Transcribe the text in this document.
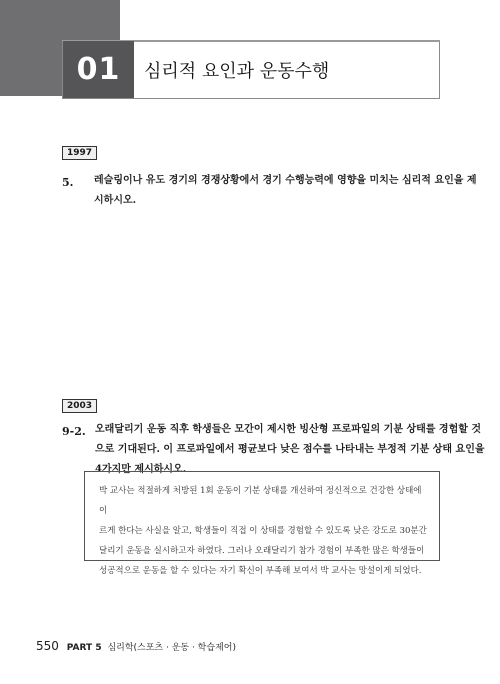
01	심리적 요인과 운동수행
1997
5. 레슬링이나 유도 경기의 경쟁상황에서 경기 수행능력에 영향을 미치는 심리적 요인을 제
시하시오.
2003
9-2. 오래달리기 운동 직후 학생들은 모간이 제시한 빙산형 프로파일의 기분 상태를 경험할 것
으로 기대된다. 이 프로파일에서 평균보다 낮은 점수를 나타내는 부정적 기분 상태 요인을
4가지만 제시하시오.
박 교사는 적절하게 처방된 1회 운동이 기분 상태를 개선하여 정신적으로 건강한 상태에 이
르게 한다는 사실을 알고, 학생들이 직접 이 상태를 경험할 수 있도록 낮은 강도로 30분간
달리기 운동을 실시하고자 하였다. 그러나 오래달리기 참가 경험이 부족한 많은 학생들이
성공적으로 운동을 할 수 있다는 자기 확신이 부족해 보여서 박 교사는 망설이게 되었다.
550 PART 5 심리학(스포츠 · 운동 · 학습제어)
